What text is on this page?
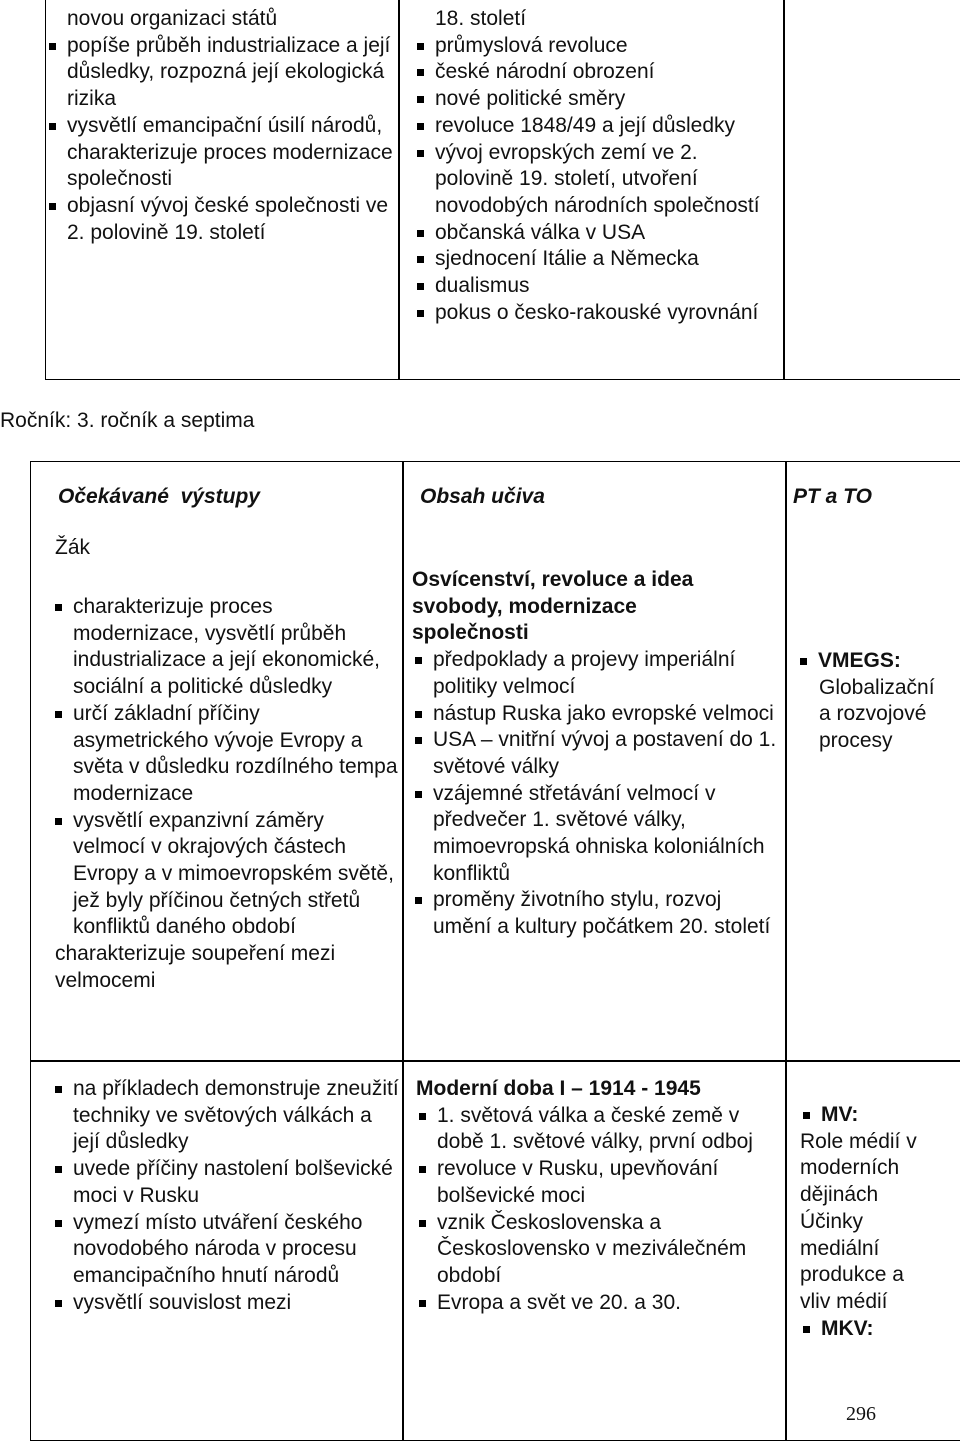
novou organizaci států
popíše průběh industrializace a její důsledky, rozpozná její ekologická rizika
vysvětlí emancipační úsilí národů, charakterizuje proces modernizace společnosti
objasní vývoj české společnosti ve 2. polovině 19. století
18. století
průmyslová revoluce
české národní obrození
nové politické směry
revoluce 1848/49 a její důsledky
vývoj evropských zemí ve 2. polovině 19. století, utvoření novodobých národních společností
občanská válka v USA
sjednocení Itálie a Německa
dualismus
pokus o česko-rakouské vyrovnání
Ročník: 3. ročník a septima
Očekávané  výstupy	Obsah učiva	PT a TO
Žák
charakterizuje proces modernizace, vysvětlí průběh industrializace a její ekonomické, sociální a politické důsledky
určí základní příčiny asymetrického vývoje Evropy a světa v důsledku rozdílného tempa modernizace
vysvětlí expanzivní záměry velmocí v okrajových částech Evropy a v mimoevropském světě, jež byly příčinou četných střetů konfliktů daného období
charakterizuje soupeření mezi velmocemi
Osvícenství, revoluce a idea svobody, modernizace společnosti
předpoklady a projevy imperiální politiky velmocí
nástup Ruska jako evropské velmoci
USA – vnitřní vývoj a postavení do 1. světové války
vzájemné střetávání velmocí v předvečer 1. světové války, mimoevropská ohniska koloniálních konfliktů
proměny životního stylu, rozvoj umění a kultury počátkem 20. století
VMEGS:
Globalizační a rozvojové procesy
na příkladech demonstruje zneužití techniky ve světových válkách a její důsledky
uvede příčiny nastolení bolševické moci v Rusku
vymezí místo utváření českého novodobého národa v procesu emancipačního hnutí národů
vysvětlí souvislost mezi
Moderní doba I – 1914 - 1945
1. světová válka a české země v době 1. světové války, první odboj
revoluce v Rusku, upevňování bolševické moci
vznik Československa a Československo v meziválečném období
Evropa a svět ve 20. a 30.
MV:
Role médií v moderních dějinách Účinky mediální produkce a vliv médií
MKV:
296
